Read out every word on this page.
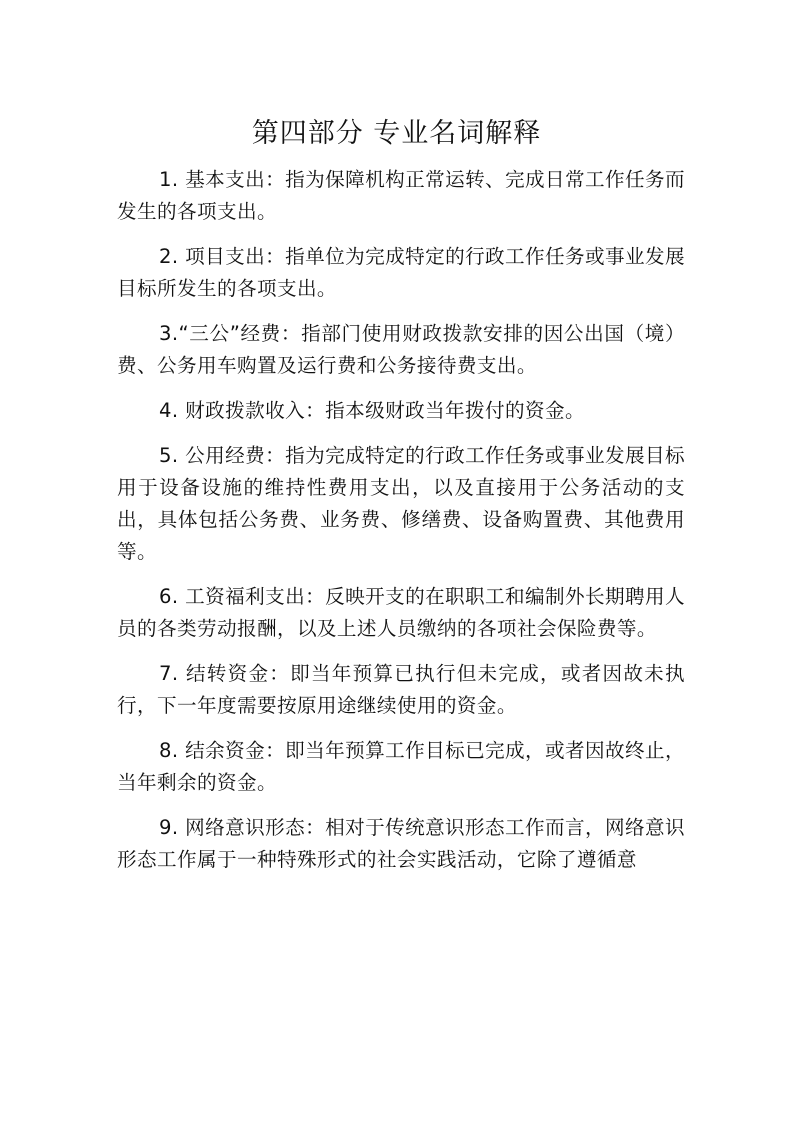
第四部分 专业名词解释

1. 基本支出：指为保障机构正常运转、完成日常工作任务而发生的各项支出。

2. 项目支出：指单位为完成特定的行政工作任务或事业发展目标所发生的各项支出。

3.“三公”经费：指部门使用财政拨款安排的因公出国（境）费、公务用车购置及运行费和公务接待费支出。

4. 财政拨款收入：指本级财政当年拨付的资金。

5. 公用经费：指为完成特定的行政工作任务或事业发展目标用于设备设施的维持性费用支出，以及直接用于公务活动的支出，具体包括公务费、业务费、修缮费、设备购置费、其他费用等。

6. 工资福利支出：反映开支的在职职工和编制外长期聘用人员的各类劳动报酬，以及上述人员缴纳的各项社会保险费等。

7. 结转资金：即当年预算已执行但未完成，或者因故未执行，下一年度需要按原用途继续使用的资金。

8. 结余资金：即当年预算工作目标已完成，或者因故终止，当年剩余的资金。

9. 网络意识形态：相对于传统意识形态工作而言，网络意识形态工作属于一种特殊形式的社会实践活动，它除了遵循意
